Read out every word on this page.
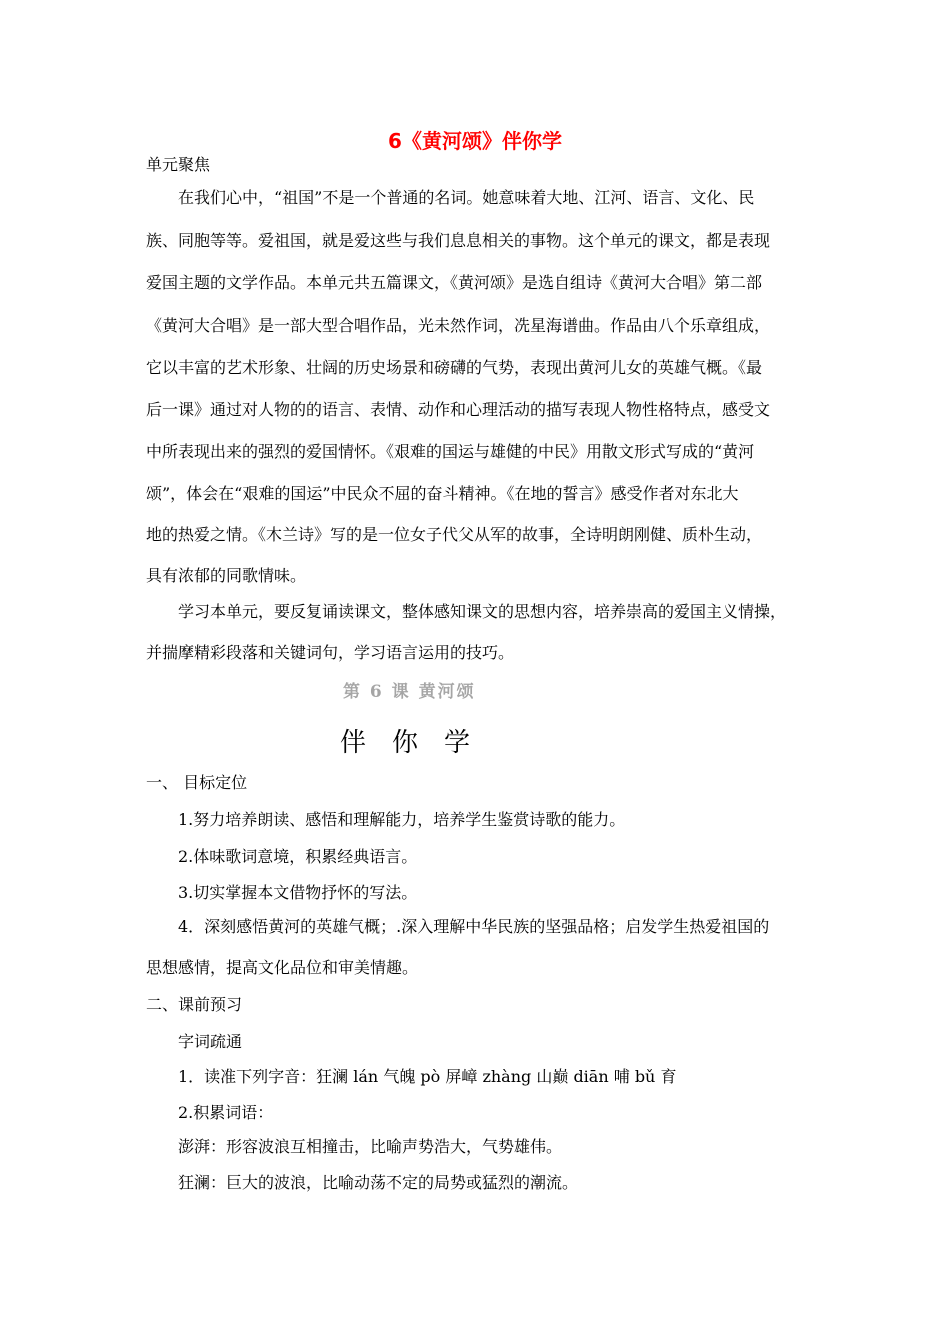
6《黄河颂》伴你学
单元聚焦
在我们心中，“祖国”不是一个普通的名词。她意味着大地、江河、语言、文化、民
族、同胞等等。爱祖国，就是爱这些与我们息息相关的事物。这个单元的课文，都是表现
爱国主题的文学作品。本单元共五篇课文，《黄河颂》是选自组诗《黄河大合唱》第二部
《黄河大合唱》是一部大型合唱作品，光未然作词，冼星海谱曲。作品由八个乐章组成，
它以丰富的艺术形象、壮阔的历史场景和磅礴的气势，表现出黄河儿女的英雄气概。《最
后一课》通过对人物的的语言、表情、动作和心理活动的描写表现人物性格特点，感受文
中所表现出来的强烈的爱国情怀。《艰难的国运与雄健的中民》用散文形式写成的“黄河
颂”，体会在“艰难的国运”中民众不屈的奋斗精神。《在地的誓言》感受作者对东北大
地的热爱之情。《木兰诗》写的是一位女子代父从军的故事，全诗明朗刚健、质朴生动，
具有浓郁的同歌情味。
学习本单元，要反复诵读课文，整体感知课文的思想内容，培养崇高的爱国主义情操，
并揣摩精彩段落和关键词句，学习语言运用的技巧。
第 6 课 黄河颂
伴你学
一、 目标定位
1.努力培养朗读、感悟和理解能力，培养学生鉴赏诗歌的能力。
2.体味歌词意境，积累经典语言。
3.切实掌握本文借物抒怀的写法。
4．深刻感悟黄河的英雄气概；.深入理解中华民族的坚强品格；启发学生热爱祖国的
思想感情，提高文化品位和审美情趣。
二、课前预习
字词疏通
1．读准下列字音：狂澜 lán 气魄 pò 屏嶂 zhàng 山巅 diān 哺 bǔ 育
2.积累词语：
澎湃：形容波浪互相撞击，比喻声势浩大，气势雄伟。
狂澜：巨大的波浪，比喻动荡不定的局势或猛烈的潮流。
